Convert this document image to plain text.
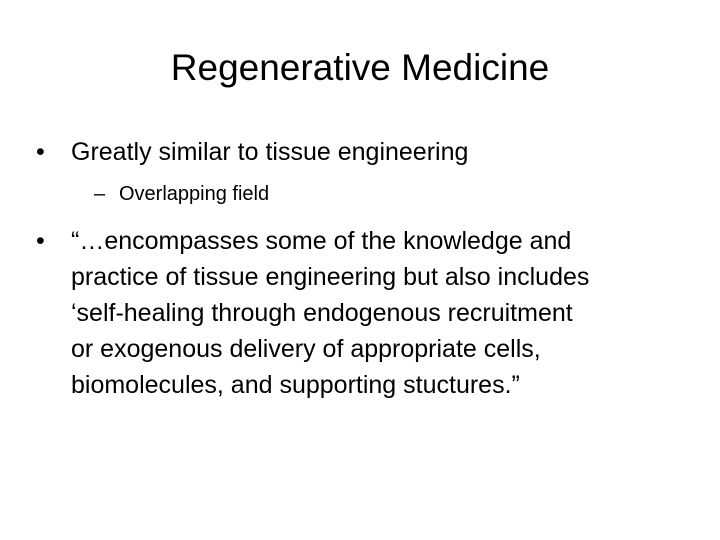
Regenerative Medicine
• Greatly similar to tissue engineering
– Overlapping field
• “…encompasses some of the knowledge and
practice of tissue engineering but also includes
‘self-healing through endogenous recruitment
or exogenous delivery of appropriate cells,
biomolecules, and supporting stuctures.”
